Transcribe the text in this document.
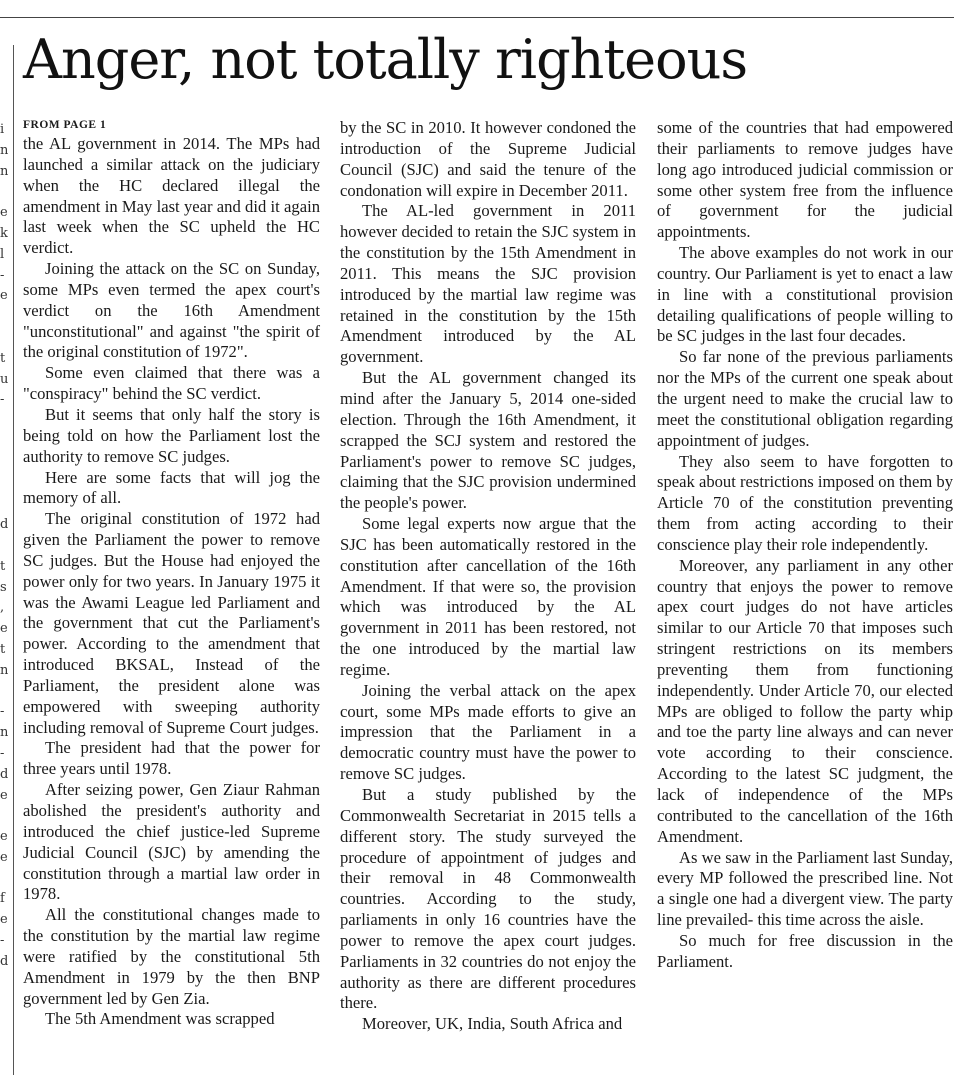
i
n
n
e
k
l
-
e
t
u
-
d
t
s
,
e
t
n
-
n
-
d
e
e
e
f
e
-
d
Anger, not totally righteous
FROM PAGE 1

the AL government in 2014. The MPs had launched a similar attack on the judiciary when the HC declared illegal the amendment in May last year and did it again last week when the SC upheld the HC verdict.

Joining the attack on the SC on Sunday, some MPs even termed the apex court's verdict on the 16th Amendment "unconstitutional" and against "the spirit of the original constitution of 1972".

Some even claimed that there was a "conspiracy" behind the SC verdict.

But it seems that only half the story is being told on how the Parliament lost the authority to remove SC judges.

Here are some facts that will jog the memory of all.

The original constitution of 1972 had given the Parliament the power to remove SC judges. But the House had enjoyed the power only for two years. In January 1975 it was the Awami League led Parliament and the government that cut the Parliament's power. According to the amendment that introduced BKSAL, Instead of the Parliament, the president alone was empowered with sweeping authority including removal of Supreme Court judges.

The president had that the power for three years until 1978.

After seizing power, Gen Ziaur Rahman abolished the president's authority and introduced the chief justice-led Supreme Judicial Council (SJC) by amending the constitution through a martial law order in 1978.

All the constitutional changes made to the constitution by the martial law regime were ratified by the constitutional 5th Amendment in 1979 by the then BNP government led by Gen Zia.

The 5th Amendment was scrapped

by the SC in 2010. It however condoned the introduction of the Supreme Judicial Council (SJC) and said the tenure of the condonation will expire in December 2011.

The AL-led government in 2011 however decided to retain the SJC system in the constitution by the 15th Amendment in 2011. This means the SJC provision introduced by the martial law regime was retained in the constitution by the 15th Amendment introduced by the AL government.

But the AL government changed its mind after the January 5, 2014 one-sided election. Through the 16th Amendment, it scrapped the SCJ system and restored the Parliament's power to remove SC judges, claiming that the SJC provision undermined the people's power.

Some legal experts now argue that the SJC has been automatically restored in the constitution after cancellation of the 16th Amendment. If that were so, the provision which was introduced by the AL government in 2011 has been restored, not the one introduced by the martial law regime.

Joining the verbal attack on the apex court, some MPs made efforts to give an impression that the Parliament in a democratic country must have the power to remove SC judges.

But a study published by the Commonwealth Secretariat in 2015 tells a different story. The study surveyed the procedure of appointment of judges and their removal in 48 Commonwealth countries. According to the study, parliaments in only 16 countries have the power to remove the apex court judges. Parliaments in 32 countries do not enjoy the authority as there are different procedures there.

Moreover, UK, India, South Africa and

some of the countries that had empowered their parliaments to remove judges have long ago introduced judicial commission or some other system free from the influence of government for the judicial appointments.

The above examples do not work in our country. Our Parliament is yet to enact a law in line with a constitutional provision detailing qualifications of people willing to be SC judges in the last four decades.

So far none of the previous parliaments nor the MPs of the current one speak about the urgent need to make the crucial law to meet the constitutional obligation regarding appointment of judges.

They also seem to have forgotten to speak about restrictions imposed on them by Article 70 of the constitution preventing them from acting according to their conscience play their role independently.

Moreover, any parliament in any other country that enjoys the power to remove apex court judges do not have articles similar to our Article 70 that imposes such stringent restrictions on its members preventing them from functioning independently. Under Article 70, our elected MPs are obliged to follow the party whip and toe the party line always and can never vote according to their conscience. According to the latest SC judgment, the lack of independence of the MPs contributed to the cancellation of the 16th Amendment.

As we saw in the Parliament last Sunday, every MP followed the prescribed line. Not a single one had a divergent view. The party line prevailed- this time across the aisle.

So much for free discussion in the Parliament.
